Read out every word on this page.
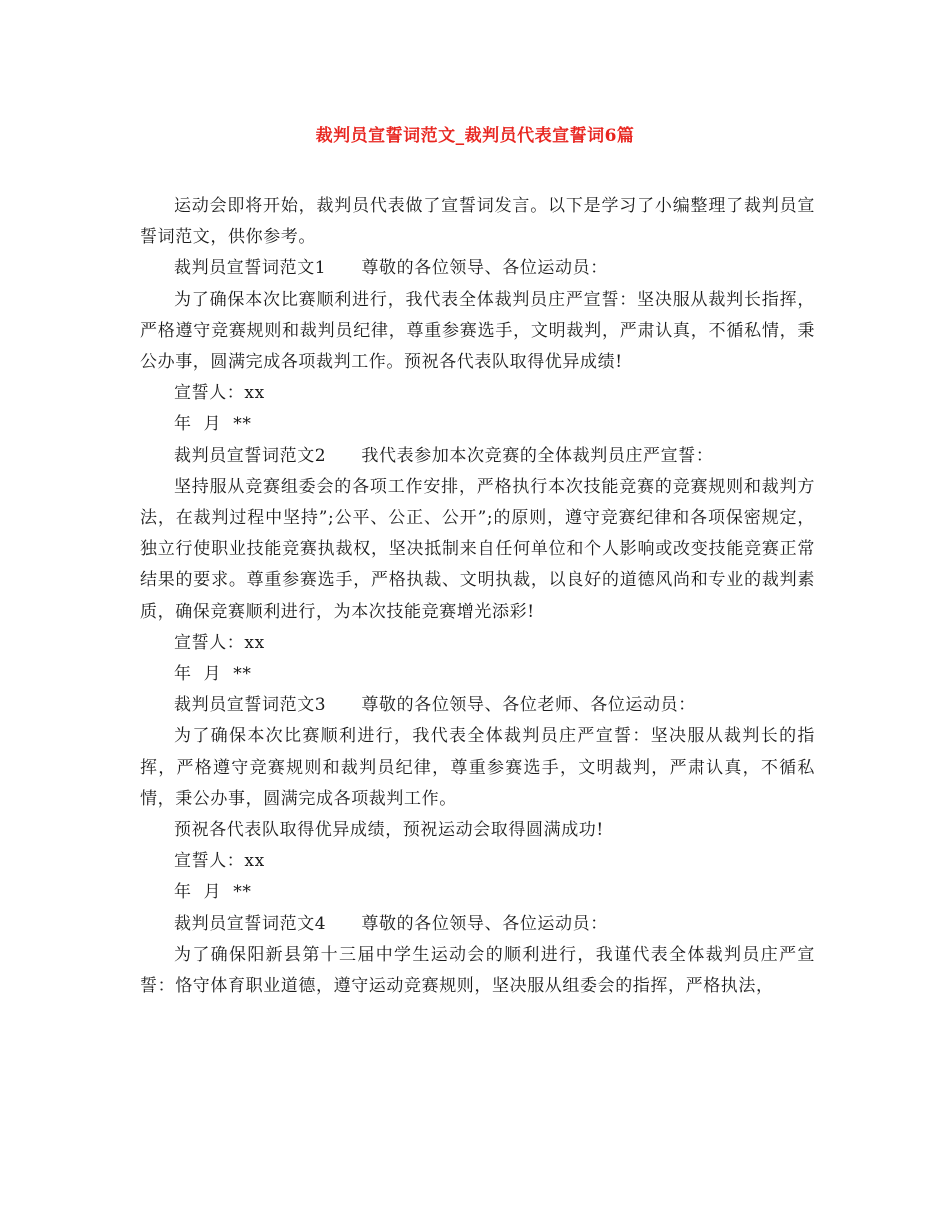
裁判员宣誓词范文_裁判员代表宣誓词6篇

运动会即将开始，裁判员代表做了宣誓词发言。以下是学习了小编整理了裁判员宣誓词范文，供你参考。

裁判员宣誓词范文1　　尊敬的各位领导、各位运动员：

为了确保本次比赛顺利进行，我代表全体裁判员庄严宣誓：坚决服从裁判长指挥，严格遵守竞赛规则和裁判员纪律，尊重参赛选手，文明裁判，严肃认真，不循私情，秉公办事，圆满完成各项裁判工作。预祝各代表队取得优异成绩!

宣誓人：xx

年  月  **

裁判员宣誓词范文2　　我代表参加本次竞赛的全体裁判员庄严宣誓：

坚持服从竞赛组委会的各项工作安排，严格执行本次技能竞赛的竞赛规则和裁判方法，在裁判过程中坚持”;公平、公正、公开”;的原则，遵守竞赛纪律和各项保密规定，独立行使职业技能竞赛执裁权，坚决抵制来自任何单位和个人影响或改变技能竞赛正常结果的要求。尊重参赛选手，严格执裁、文明执裁，以良好的道德风尚和专业的裁判素质，确保竞赛顺利进行，为本次技能竞赛增光添彩!

宣誓人：xx

年  月  **

裁判员宣誓词范文3　　尊敬的各位领导、各位老师、各位运动员：

为了确保本次比赛顺利进行，我代表全体裁判员庄严宣誓：坚决服从裁判长的指挥，严格遵守竞赛规则和裁判员纪律，尊重参赛选手，文明裁判，严肃认真，不循私情，秉公办事，圆满完成各项裁判工作。

预祝各代表队取得优异成绩，预祝运动会取得圆满成功!

宣誓人：xx

年  月  **

裁判员宣誓词范文4　　尊敬的各位领导、各位运动员：

为了确保阳新县第十三届中学生运动会的顺利进行，我谨代表全体裁判员庄严宣誓：恪守体育职业道德，遵守运动竞赛规则，坚决服从组委会的指挥，严格执法，
